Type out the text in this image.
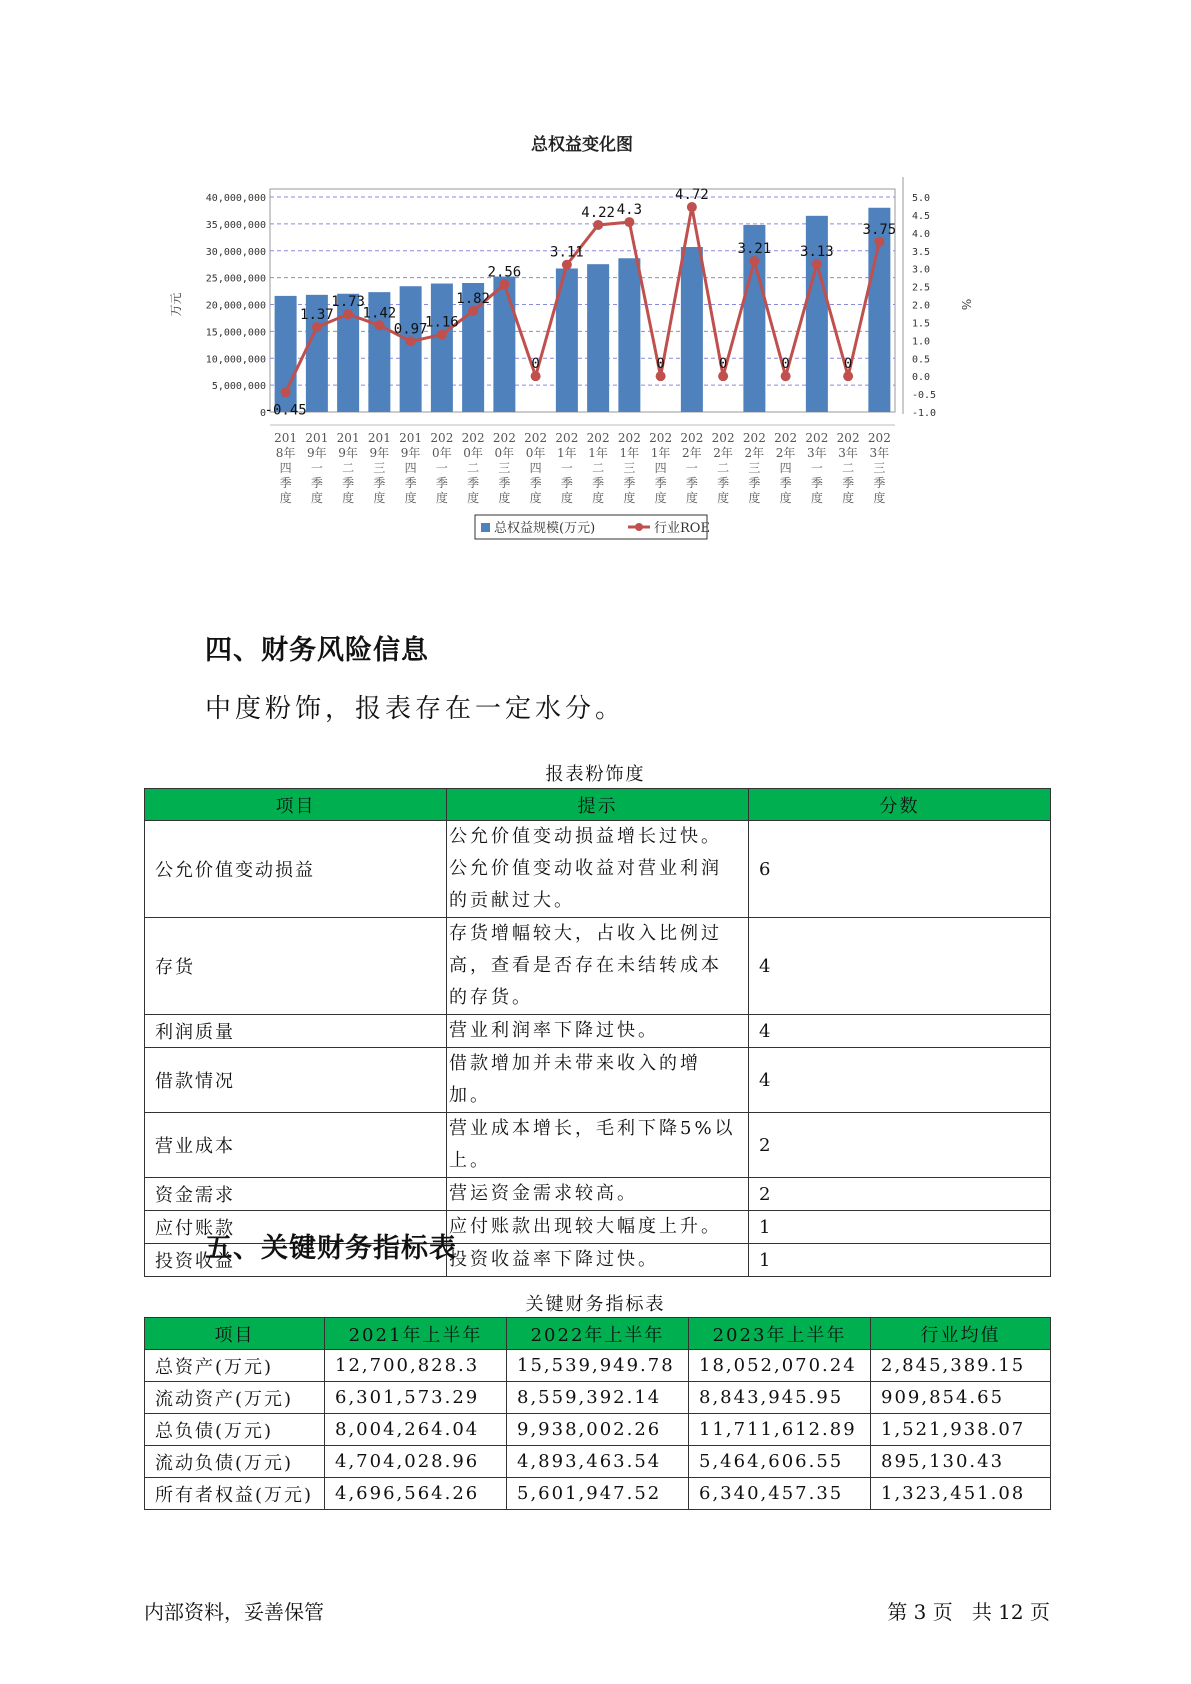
总权益变化图
0
5,000,000
10,000,000
15,000,000
20,000,000
25,000,000
30,000,000
35,000,000
40,000,000
-1.0
-0.5
0.0
0.5
1.0
1.5
2.0
2.5
3.0
3.5
4.0
4.5
5.0
万元	%
-0.45
1.37
1.73
1.42
0.97
1.16
1.82
2.56
0
3.11
4.22 4.3
0
4.72
0
3.21
0
3.13
0
3.75
201
8年
四
季
度
201
9年
一
季
度
201
9年
二
季
度
201
9年
三
季
度
201
9年
四
季
度
202
0年
一
季
度
202
0年
二
季
度
202
0年
三
季
度
202
0年
四
季
度
202
1年
一
季
度
202
1年
二
季
度
202
1年
三
季
度
202
1年
四
季
度
202
2年
一
季
度
202
2年
二
季
度
202
2年
三
季
度
202
2年
四
季
度
202
3年
一
季
度
202
3年
二
季
度
202
3年
三
季
度
总权益规模(万元)	行业ROE
四、财务风险信息
中度粉饰，报表存在一定水分。
报表粉饰度
项目	提示	分数
公允价值变动损益	公允价值变动损益增长过快。公允价值变动收益对营业利润的贡献过大。	6
存货	存货增幅较大，占收入比例过高，查看是否存在未结转成本的存货。	4
利润质量	营业利润率下降过快。	4
借款情况	借款增加并未带来收入的增加。	4
营业成本	营业成本增长，毛利下降5%以上。	2
资金需求	营运资金需求较高。	2
应付账款	应付账款出现较大幅度上升。	1
投资收益	投资收益率下降过快。	1
五、关键财务指标表
关键财务指标表
项目	2021年上半年	2022年上半年	2023年上半年	行业均值
总资产(万元)	12,700,828.3	15,539,949.78	18,052,070.24	2,845,389.15
流动资产(万元)	6,301,573.29	8,559,392.14	8,843,945.95	909,854.65
总负债(万元)	8,004,264.04	9,938,002.26	11,711,612.89	1,521,938.07
流动负债(万元)	4,704,028.96	4,893,463.54	5,464,606.55	895,130.43
所有者权益(万元)	4,696,564.26	5,601,947.52	6,340,457.35	1,323,451.08
内部资料，妥善保管	第 3 页   共 12 页
